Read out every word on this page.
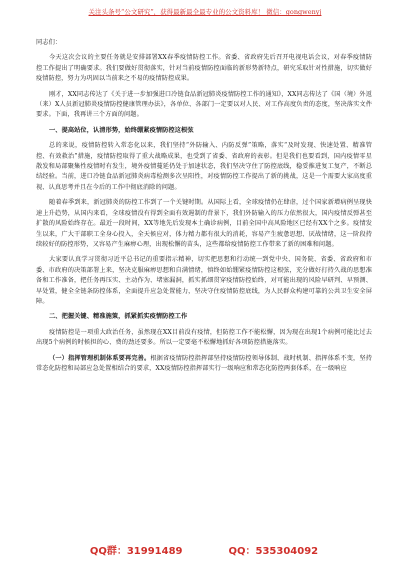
关注头条号“公文研究”，获得最新最全最专业的公文资料库！ 微信：gongwenyj

同志们：

今天这次会议的主要任务就是安排部署XX春季疫情防控工作。省委、省政府先后召开电视电话会议，对春季疫情防控工作提出了明确要求。我们要做好贯彻落实，针对当前疫情防控面临的新形势新特点，研究采取针对性措施，切实做好疫情防控，努力为巩固以当前来之不易的疫情防控成果。

刚才，XX同志传达了《关于进一步加强进口冷链食品新冠肺炎疫情防控工作的通知》，XX同志传达了《国（境）外返（来）X人员新冠肺炎疫情防控健康管理办法》，各单位、各部门一定要以对人民、对工作高度负责的态度，坚决落实文件要求。下面，我再讲三个方面的问题。

一、提高站位，认清形势，始终绷紧疫情防控这根弦

总的来说，疫情防控转入常态化以来，我们坚持“外防输入、内防反弹”策略，落实“及时发现、快速处置、精准管控、有效救治”措施，疫情防控取得了重大战略成果，也受到了省委、省政府的表彰。但是我们也要看到，国内疫情零星散发和局部聚集性疫情时有发生，境外疫情蔓延仍处于加速状态，我们坚决守住了防控底线，稳妥推进复工复产，不断总结经验。当前，进口冷链食品新冠肺炎病毒检测多次呈阳性，对疫情防控工作提出了新的挑战，这是一个需要大家高度重视、认真思考并且在今后的工作中彻底消除的问题。

随着春季到来，新冠肺炎的防控工作到了一个关键时期。从国际上看，全球疫情仍在肆虐，过个国家新增病例呈现快速上升趋势，从国内来看，全球疫情没有得到全面有效遏制的背景下，我们外防输入的压力依然很大，国内疫情反弹甚至扩散的风险始终存在。最近一段时间，XX等地先后发现本土确诊病例，目前全国中高风险地区已经有XX个之多。疫情发生以来，广大干部职工全身心投入，全天候应对，体力精力都有很大的消耗，容易产生疲惫思想、厌战情绪，这一阶段持续较好的防控形势，又容易产生麻痹心理，出现松懈的苗头，这些都给疫情防控工作带来了新的困难和问题。

大家要认真学习贯彻习近平总书记的重要指示精神，切实把思想和行动统一到党中央、国务院、省委、省政府和市委、市政府的决策部署上来，坚决克服麻痹思想和自满情绪，慎终如始绷紧疫情防控这根弦，充分做好打持久战的思想准备和工作准备，把任务再压实、主动作为、堵塞漏洞，抓实抓细贯穿疫情防控始终，对可能出现的风险早研判、早预测、早处置，健全全链条防控体系，全面提升应急处置能力，坚决守住疫情防控底线，为人民群众构建可靠的公共卫生安全屏障。

二、把握关键、精准施策，抓紧抓实疫情防控工作

疫情防控是一项重大政治任务，虽然现在XX目前没有疫情，但防控工作不能松懈，因为现在出现1个病例可能比过去出现5个病例的时候担的心、费的劲还要多。所以一定要毫不松懈地抓好各项防控措施落实。

（一）指挥管理机制体系要再完善。根据省疫情防控指挥部坚持疫情防控领导体制、战时机制、指挥体系不变，坚持常态化防控和局部应急处置相结合的要求，XX疫情防控指挥部实行一级响应和常态化防控两套体系，在一级响应

QQ群：31991489	QQ：535304092
